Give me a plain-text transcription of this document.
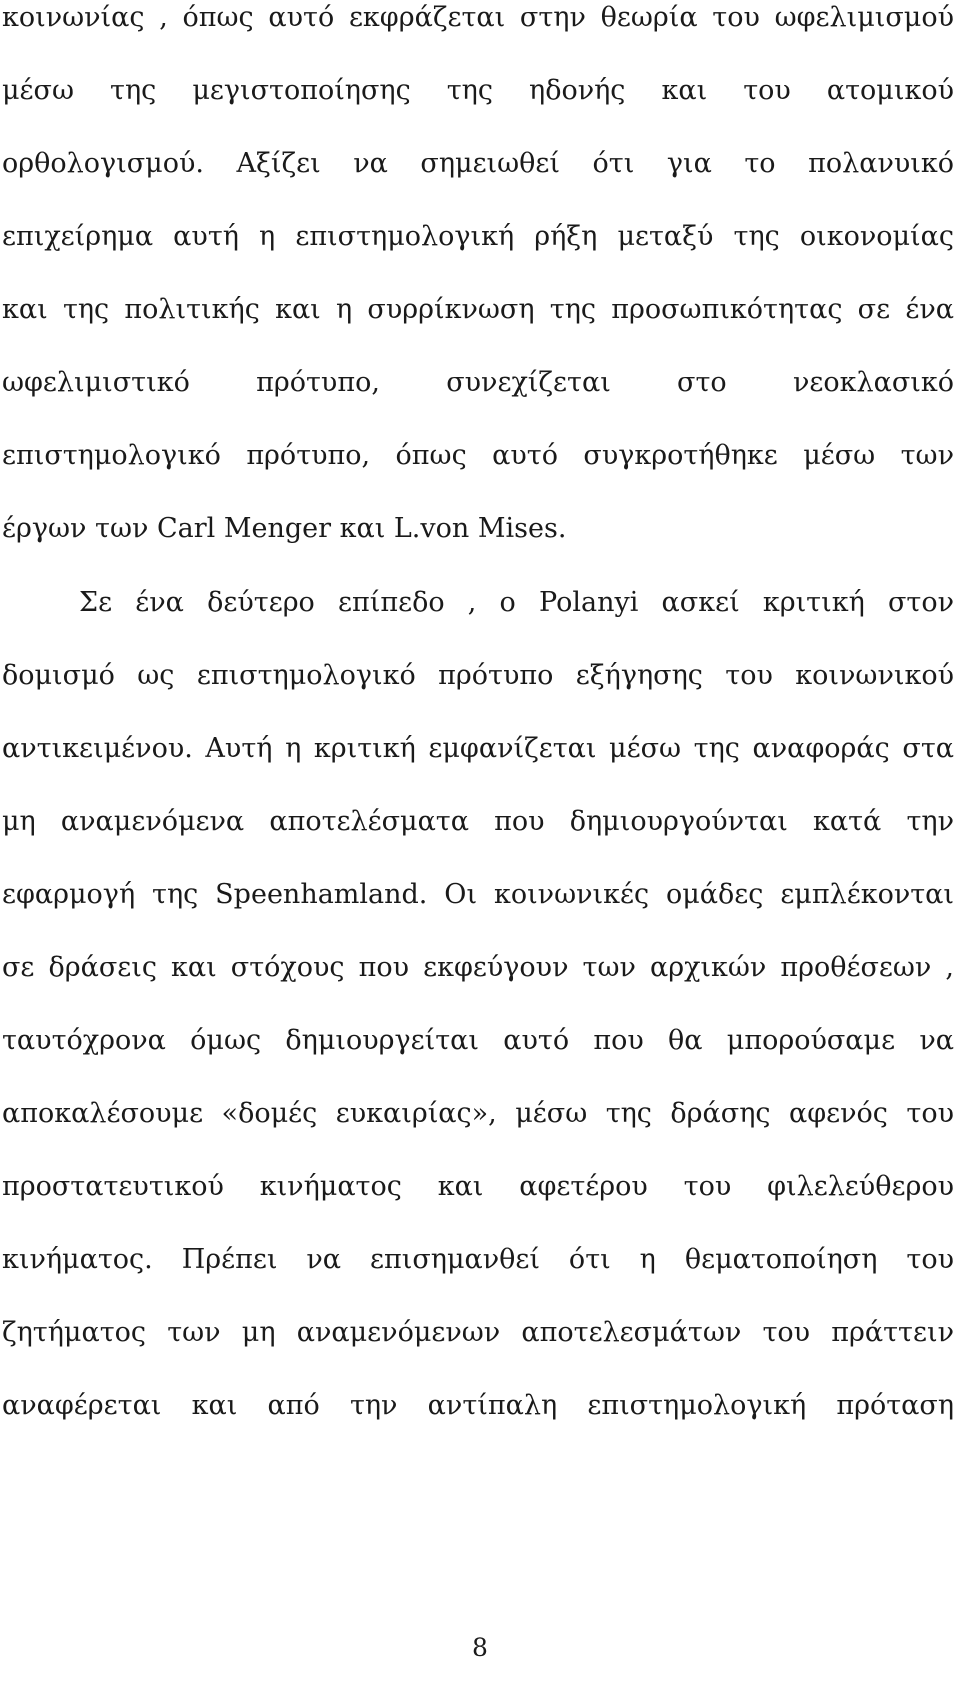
κοινωνίας , όπως αυτό εκφράζεται στην θεωρία του ωφελιμισμού
μέσω της μεγιστοποίησης της ηδονής και του ατομικού
ορθολογισμού. Αξίζει να σημειωθεί ότι για το πολανυικό
επιχείρημα αυτή η επιστημολογική ρήξη μεταξύ της οικονομίας
και της πολιτικής και η συρρίκνωση της προσωπικότητας σε ένα
ωφελιμιστικό πρότυπο, συνεχίζεται στο νεοκλασικό
επιστημολογικό πρότυπο, όπως αυτό συγκροτήθηκε μέσω των
έργων των Carl Menger και L.von Mises.
Σε ένα δεύτερο επίπεδο , ο Polanyi ασκεί κριτική στον
δομισμό ως επιστημολογικό πρότυπο εξήγησης του κοινωνικού
αντικειμένου. Αυτή η κριτική εμφανίζεται μέσω της αναφοράς στα
μη αναμενόμενα αποτελέσματα που δημιουργούνται κατά την
εφαρμογή της Speenhamland. Οι κοινωνικές ομάδες εμπλέκονται
σε δράσεις και στόχους που εκφεύγουν των αρχικών προθέσεων ,
ταυτόχρονα όμως δημιουργείται αυτό που θα μπορούσαμε να
αποκαλέσουμε «δομές ευκαιρίας», μέσω της δράσης αφενός του
προστατευτικού κινήματος και αφετέρου του φιλελεύθερου
κινήματος. Πρέπει να επισημανθεί ότι η θεματοποίηση του
ζητήματος των μη αναμενόμενων αποτελεσμάτων του πράττειν
αναφέρεται και από την αντίπαλη επιστημολογική πρόταση
8
